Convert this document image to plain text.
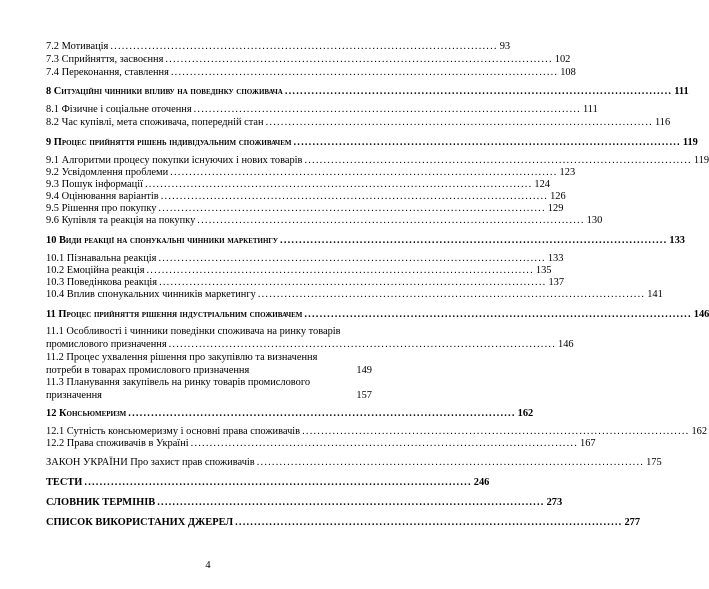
7.2 Мотивація ...................................................................................................... 93
7.3 Сприйняття, засвоєння ...................................................................................................... 102
7.4 Переконання, ставлення ...................................................................................................... 108
8 Ситуаційні чинники впливу на поведінку споживача ...................................................................................................... 111
8.1 Фізичне і соціальне оточення ...................................................................................................... 111
8.2 Час купівлі, мета споживача, попередній стан ...................................................................................................... 116
9 Процес прийняття рішень індивідуальним споживачем ...................................................................................................... 119
9.1 Алгоритми процесу покупки існуючих і нових товарів ...................................................................................................... 119
9.2 Усвідомлення проблеми ...................................................................................................... 123
9.3 Пошук інформації ...................................................................................................... 124
9.4 Оцінювання варіантів ...................................................................................................... 126
9.5 Рішення про покупку ...................................................................................................... 129
9.6 Купівля та реакція на покупку ...................................................................................................... 130
10 Види реакції на спонукальні чинники маркетингу ...................................................................................................... 133
10.1 Пізнавальна реакція ...................................................................................................... 133
10.2 Емоційна реакція ...................................................................................................... 135
10.3 Поведінкова реакція ...................................................................................................... 137
10.4 Вплив спонукальних чинників маркетингу ...................................................................................................... 141
11 Процес прийняття рішення індустріальним споживачем ...................................................................................................... 146
11.1 Особливості і чинники поведінки споживача на ринку товарів
промислового призначення ...................................................................................................... 146
11.2 Процес ухвалення рішення про закупівлю та визначення потреби в товарах промислового призначення	149
11.3 Планування закупівель на ринку товарів промислового призначення	157
12 Консьюмеризм ...................................................................................................... 162
12.1 Сутність консьюмеризму і основні права споживачів ...................................................................................................... 162
12.2 Права споживачів в Україні ...................................................................................................... 167
ЗАКОН УКРАЇНИ Про захист прав споживачів ...................................................................................................... 175
ТЕСТИ ...................................................................................................... 246
СЛОВНИК ТЕРМІНІВ ...................................................................................................... 273
СПИСОК ВИКОРИСТАНИХ ДЖЕРЕЛ ...................................................................................................... 277
4
